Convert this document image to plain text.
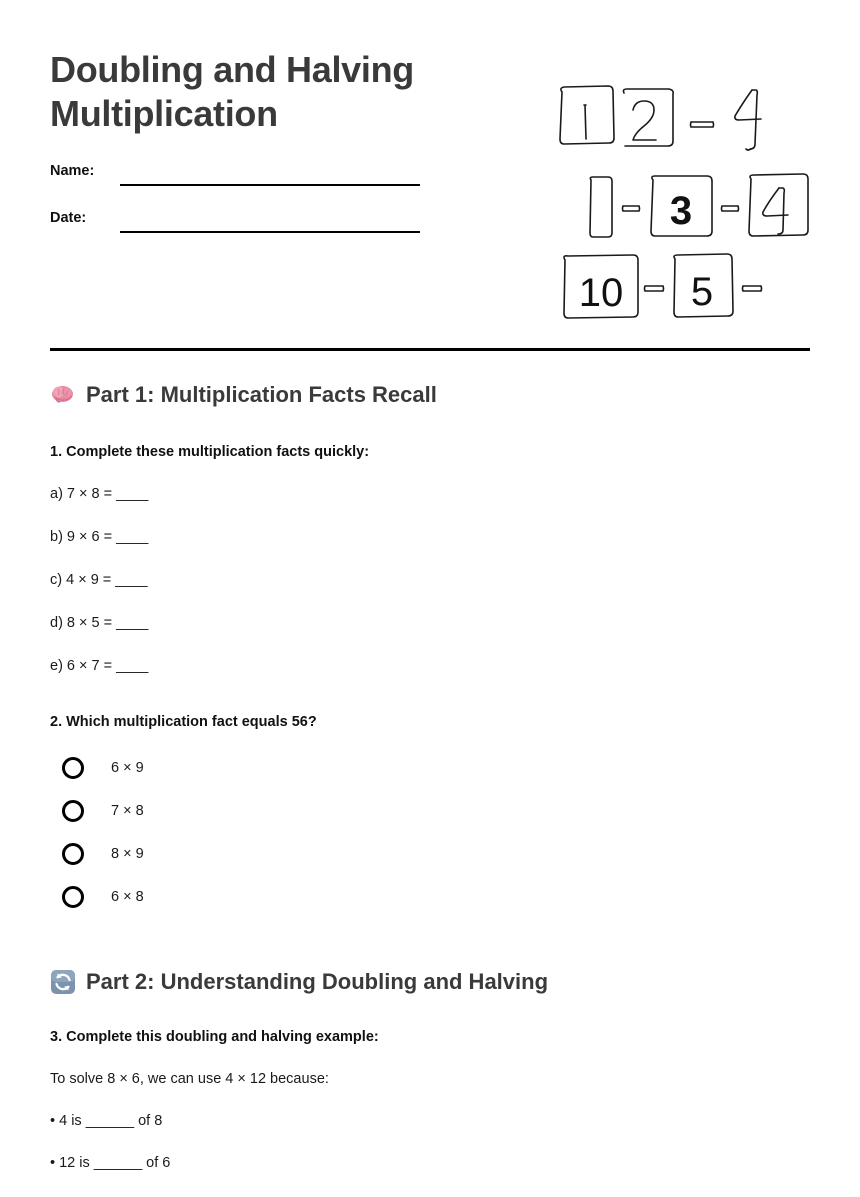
Doubling and Halving Multiplication
Name:
Date:	3
10 5
Part 1: Multiplication Facts Recall

1. Complete these multiplication facts quickly:

a) 7 × 8 = ____

b) 9 × 6 = ____

c) 4 × 9 = ____

d) 8 × 5 = ____

e) 6 × 7 = ____

2. Which multiplication fact equals 56?

6 × 9
7 × 8
8 × 9
6 × 8
Part 2: Understanding Doubling and Halving

3. Complete this doubling and halving example:

To solve 8 × 6, we can use 4 × 12 because:

• 4 is ______ of 8

• 12 is ______ of 6
